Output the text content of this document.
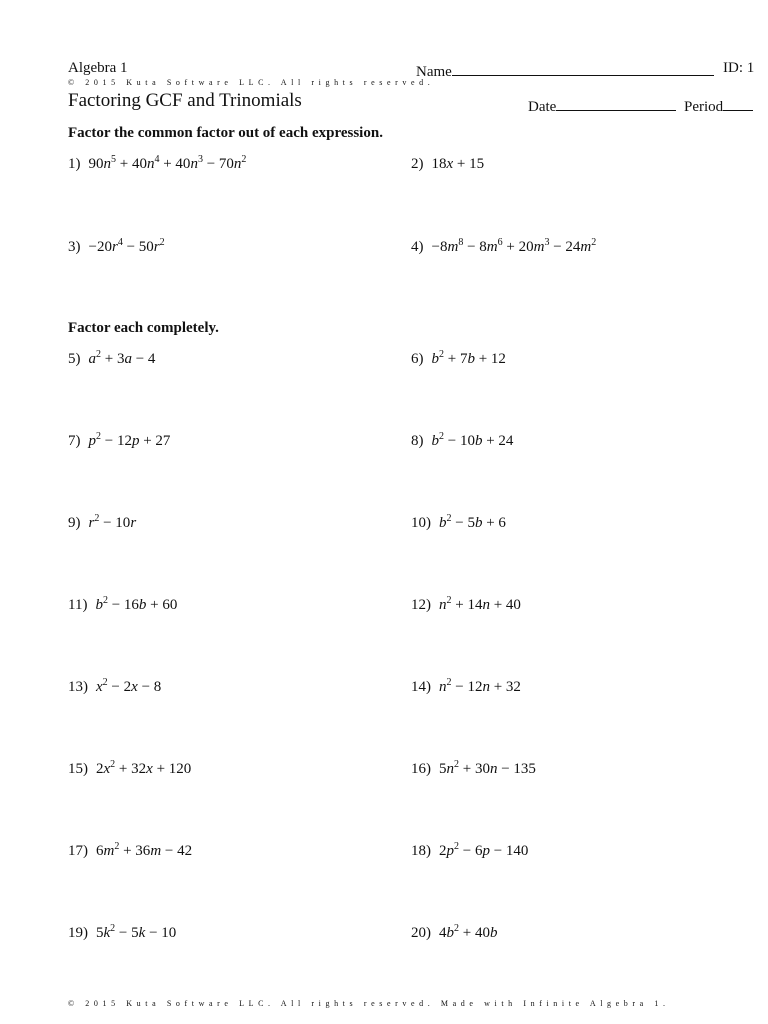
Algebra 1
© 2015 Kuta Software LLC. All rights reserved.
Factoring GCF and Trinomials
Name	ID: 1
Date	Period
Factor the common factor out of each expression.
1) $90n^5 + 40n^4 + 40n^3 - 70n^2$	2) 18x + 15
$3) -20r^4 - 50r^2$	$4) -8m^8 - 8m^6 + 20m^3 - 24m^2$
Factor each completely.
5) $a^2 + 3a - 4$	6) $b^2 + 7b + 12$
7) $p^2 - 12p + 27$	8) $b^2 - 10b + 24$
9) $r^2 - 10r$	10) $b^2 - 5b + 6$
11) $b^2 - 16b + 60$	12) $n^2 + 14n + 40$
13) $x^2 - 2x - 8$	14) $n^2 - 12n + 32$
15) $2x^2 + 32x + 120$	16) $5n^2 + 30n - 135$
17) $6m^2 + 36m - 42$	18) $2p^2 - 6p - 140$
19) $5k^2 - 5k - 10$	20) $4b^2 + 40b$
© 2015 Kuta Software LLC. All rights reserved. Made with Infinite Algebra 1.
